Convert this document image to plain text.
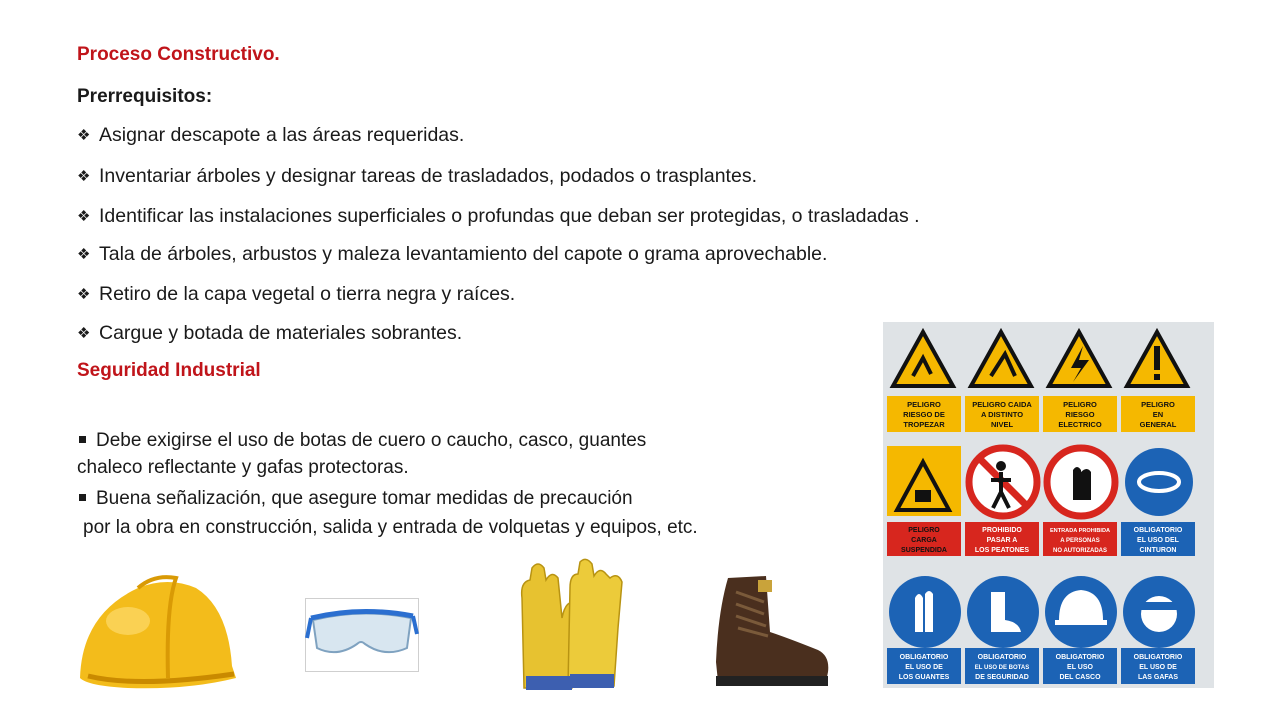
Proceso Constructivo.
Prerrequisitos:
❖ Asignar descapote a las áreas requeridas.
❖ Inventariar árboles y designar tareas de trasladados, podados o trasplantes.
❖ Identificar las instalaciones superficiales o profundas que deban ser protegidas, o trasladadas .
❖ Tala de árboles, arbustos y maleza levantamiento del capote o grama aprovechable.
❖ Retiro de la capa vegetal o tierra negra y raíces.
❖ Cargue y botada de materiales sobrantes.
Seguridad Industrial
Debe exigirse el uso de botas de cuero o caucho, casco, guantes
chaleco reflectante y gafas protectoras.
Buena señalización, que asegure tomar medidas de precaución
por la obra en construcción, salida y entrada de volquetas y equipos, etc.
PELIGRO
RIESGO DE
TROPEZAR
PELIGRO CAIDA
A DISTINTO
NIVEL
PELIGRO
RIESGO
ELECTRICO
PELIGRO
EN
GENERAL
PELIGRO
CARGA
SUSPENDIDA
PROHIBIDO
PASAR A
LOS PEATONES
ENTRADA PROHIBIDA
A PERSONAS
NO AUTORIZADAS
OBLIGATORIO
EL USO DEL
CINTURON
OBLIGATORIO
EL USO DE
LOS GUANTES
OBLIGATORIO
EL USO DE BOTAS
DE SEGURIDAD
OBLIGATORIO
EL USO
DEL CASCO
OBLIGATORIO
EL USO DE
LAS GAFAS
